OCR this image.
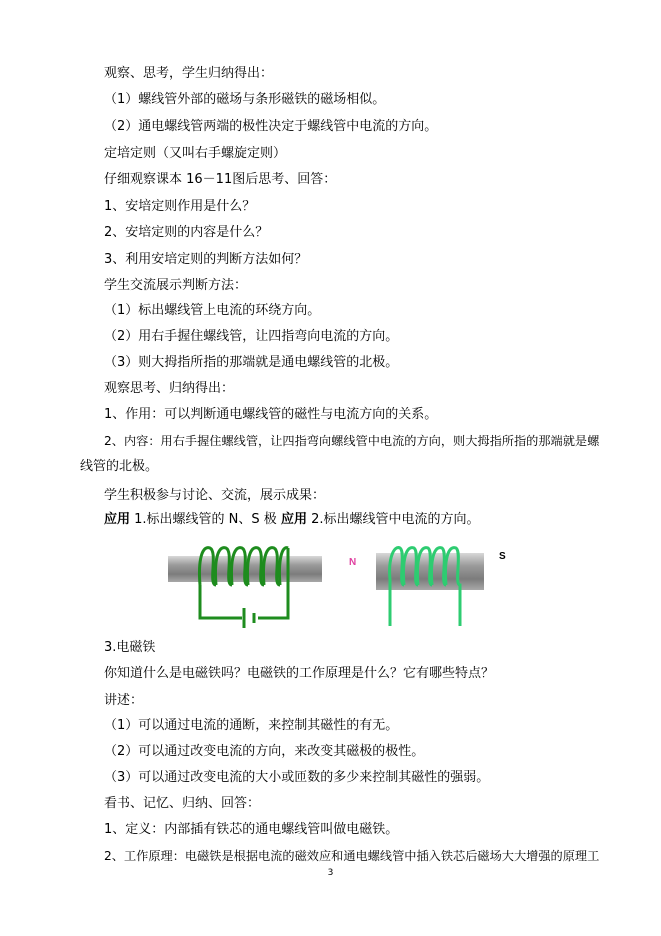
观察、思考，学生归纳得出：
（1）螺线管外部的磁场与条形磁铁的磁场相似。
（2）通电螺线管两端的极性决定于螺线管中电流的方向。
定培定则（又叫右手螺旋定则）
仔细观察课本 16－11图后思考、回答：
1、安培定则作用是什么？
2、安培定则的内容是什么？
3、利用安培定则的判断方法如何？
学生交流展示判断方法：
（1）标出螺线管上电流的环绕方向。
（2）用右手握住螺线管，让四指弯向电流的方向。
（3）则大拇指所指的那端就是通电螺线管的北极。
观察思考、归纳得出：
1、作用：可以判断通电螺线管的磁性与电流方向的关系。
2、内容：用右手握住螺线管，让四指弯向螺线管中电流的方向，则大拇指所指的那端就是螺
线管的北极。
学生积极参与讨论、交流，展示成果：
应用 1.标出螺线管的 N、S 极 应用 2.标出螺线管中电流的方向。
N
S
3.电磁铁
你知道什么是电磁铁吗？电磁铁的工作原理是什么？它有哪些特点？
讲述：
（1）可以通过电流的通断，来控制其磁性的有无。
（2）可以通过改变电流的方向，来改变其磁极的极性。
（3）可以通过改变电流的大小或匝数的多少来控制其磁性的强弱。
看书、记忆、归纳、回答：
1、定义：内部插有铁芯的通电螺线管叫做电磁铁。
2、工作原理：电磁铁是根据电流的磁效应和通电螺线管中插入铁芯后磁场大大增强的原理工
3
